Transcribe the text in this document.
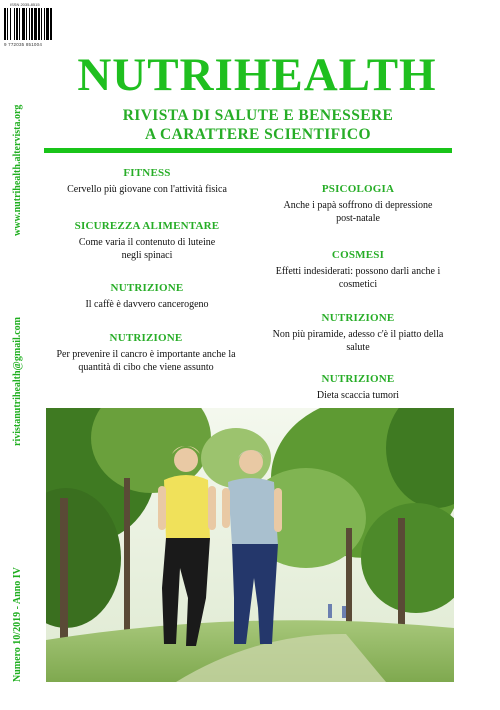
ISSN 2035-8515
9 772035 851004
NUTRIHEALTH
RIVISTA DI SALUTE E BENESSERE
A CARATTERE SCIENTIFICO
www.nutrihealth.altervista.org
rivistanutrihealth@gmail.com
Numero 10/2019 - Anno IV
FITNESS
Cervello più giovane con l'attività fisica
SICUREZZA ALIMENTARE
Come varia il contenuto di luteine negli spinaci
NUTRIZIONE
Il caffè è davvero cancerogeno
NUTRIZIONE
Per prevenire il cancro è importante anche la quantità di cibo che viene assunto
PSICOLOGIA
Anche i papà soffrono di depressione post-natale
COSMESI
Effetti indesiderati: possono darli anche i cosmetici
NUTRIZIONE
Non più piramide, adesso c'è il piatto della salute
NUTRIZIONE
Dieta scaccia tumori
